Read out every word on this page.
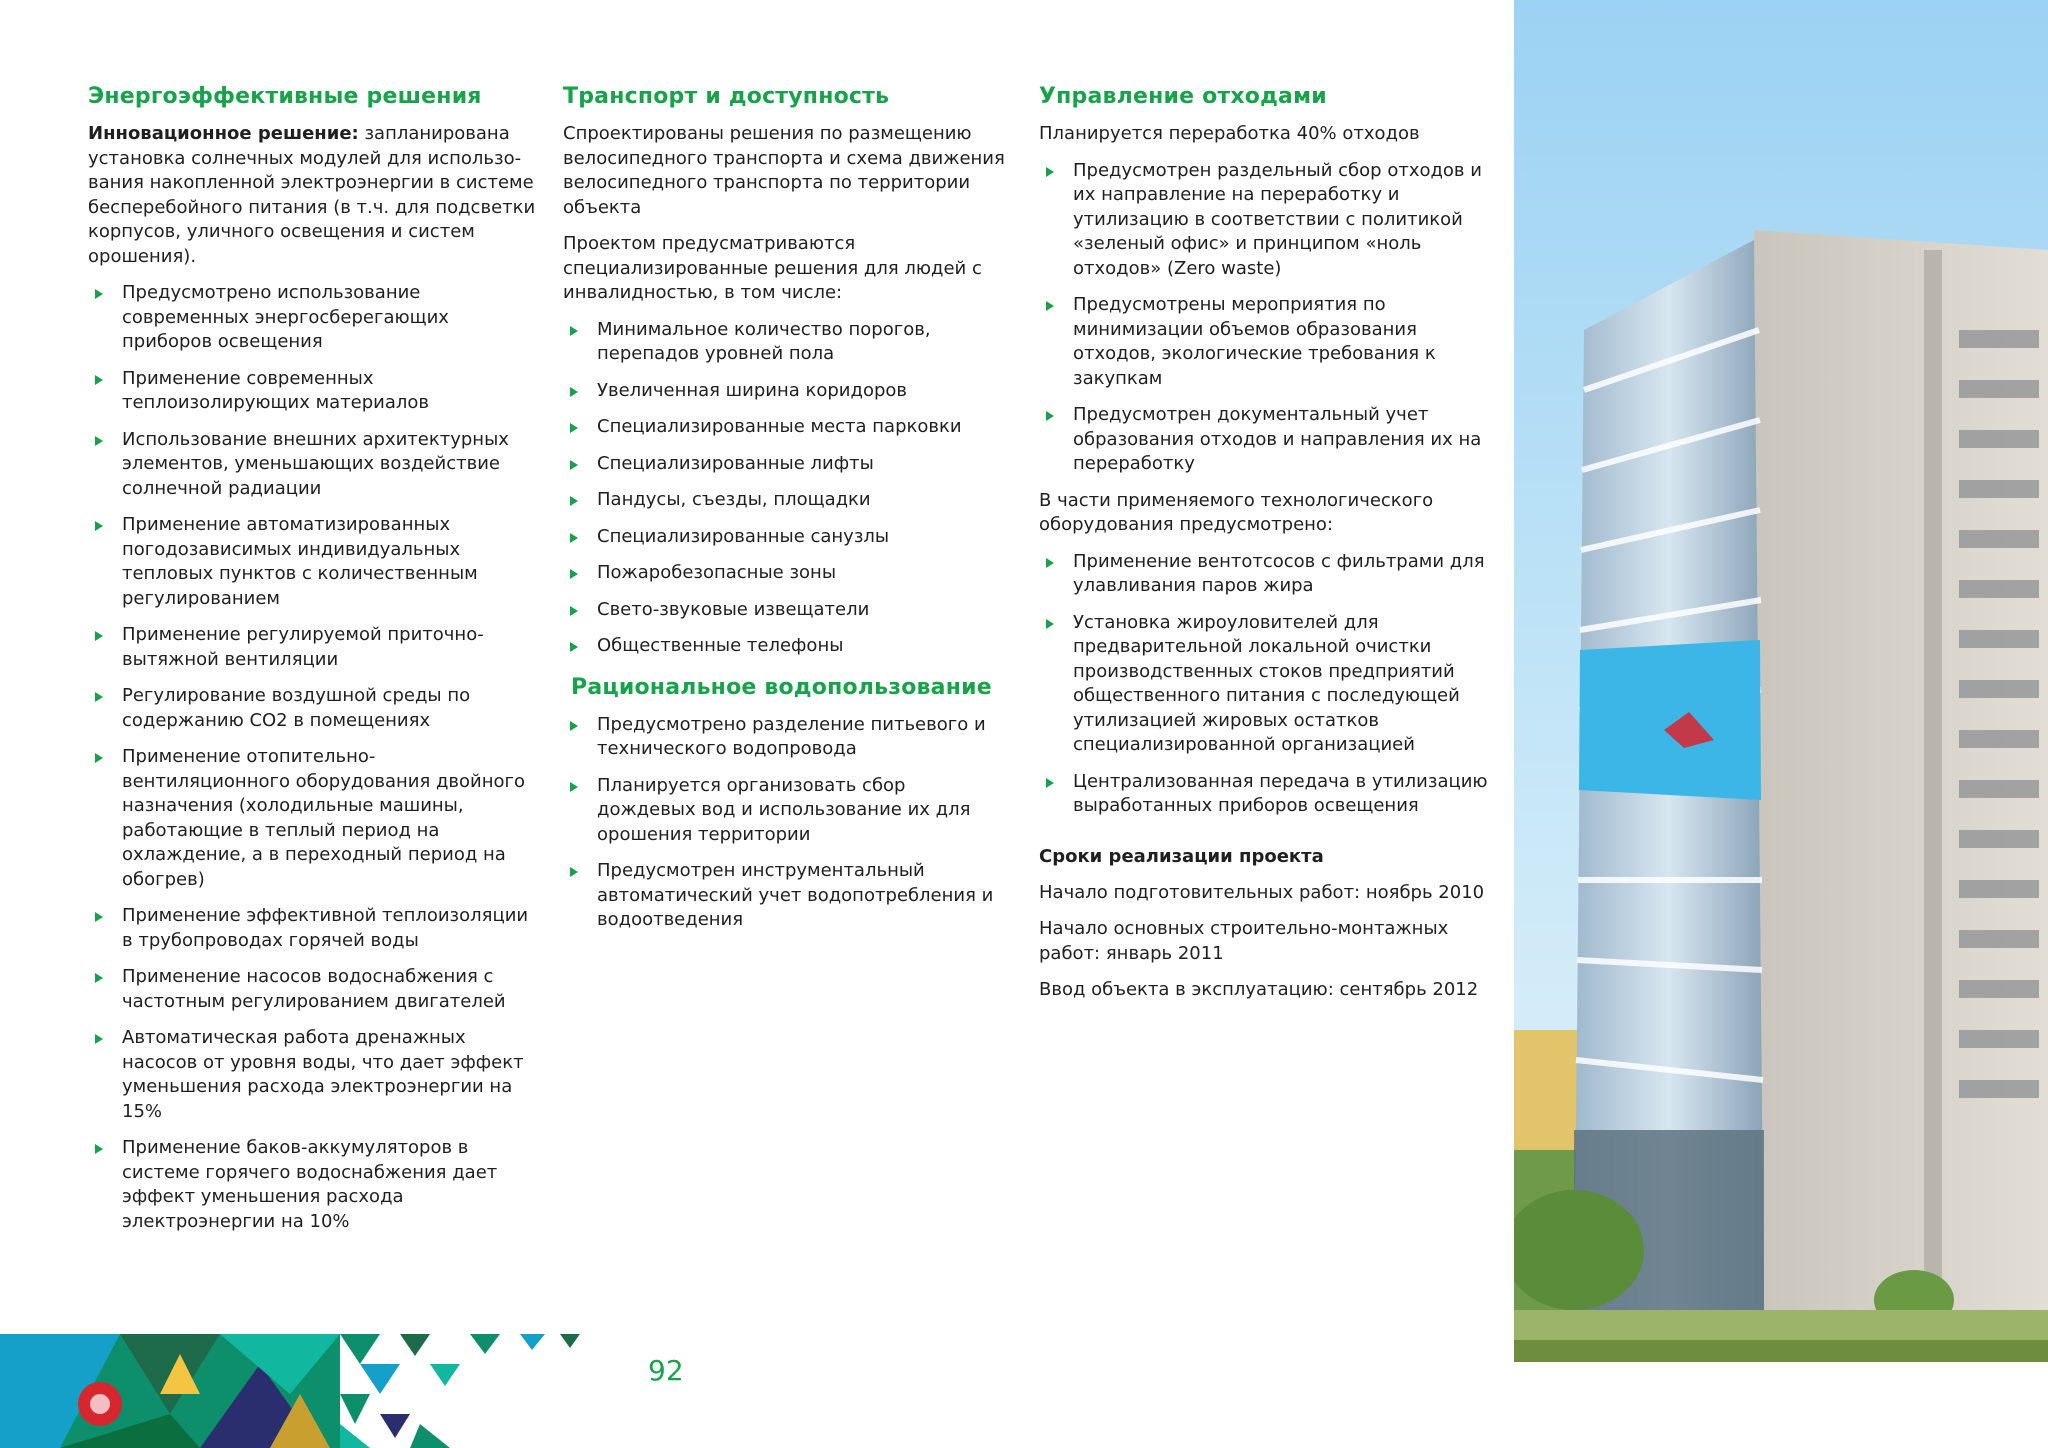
Энергоэффективные решения

Инновационное решение: запланирована установка солнечных модулей для использо-вания накопленной электроэнергии в системе бесперебойного питания (в т.ч. для подсветки корпусов, уличного освещения и систем орошения).

Предусмотрено использование современных энергосберегающих приборов освещения
Применение современных теплоизолирующих материалов
Использование внешних архитектурных элементов, уменьшающих воздействие солнечной радиации
Применение автоматизированных погодозависимых индивидуальных тепловых пунктов с количественным регулированием
Применение регулируемой приточно-вытяжной вентиляции
Регулирование воздушной среды по содержанию CO2 в помещениях
Применение отопительно-вентиляционного оборудования двойного назначения (холодильные машины, работающие в теплый период на охлаждение, а в переходный период на обогрев)
Применение эффективной теплоизоляции в трубопроводах горячей воды
Применение насосов водоснабжения с частотным регулированием двигателей
Автоматическая работа дренажных насосов от уровня воды, что дает эффект уменьшения расхода электроэнергии на 15%
Применение баков-аккумуляторов в системе горячего водоснабжения дает эффект уменьшения расхода электроэнергии на 10%
Транспорт и доступность

Спроектированы решения по размещению велосипедного транспорта и схема движения велосипедного транспорта по территории объекта

Проектом предусматриваются специализированные решения для людей с инвалидностью, в том числе:

Минимальное количество порогов, перепадов уровней пола
Увеличенная ширина коридоров
Специализированные места парковки
Специализированные лифты
Пандусы, съезды, площадки
Специализированные санузлы
Пожаробезопасные зоны
Свето-звуковые извещатели
Общественные телефоны
Рациональное водопользование
Предусмотрено разделение питьевого и технического водопровода
Планируется организовать сбор дождевых вод и использование их для орошения территории
Предусмотрен инструментальный автоматический учет водопотребления и водоотведения
Управление отходами

Планируется переработка 40% отходов

Предусмотрен раздельный сбор отходов и их направление на переработку и утилизацию в соответствии с политикой «зеленый офис» и принципом «ноль отходов» (Zero waste)
Предусмотрены мероприятия по минимизации объемов образования отходов, экологические требования к закупкам
Предусмотрен документальный учет образования отходов и направления их на переработку

В части применяемого технологического оборудования предусмотрено:

Применение вентотсосов с фильтрами для улавливания паров жира
Установка жироуловителей для предварительной локальной очистки производственных стоков предприятий общественного питания с последующей утилизацией жировых остатков специализированной организацией
Централизованная передача в утилизацию выработанных приборов освещения
Сроки реализации проекта

Начало подготовительных работ: ноябрь 2010

Начало основных строительно-монтажных работ: январь 2011

Ввод объекта в эксплуатацию: сентябрь 2012

92
